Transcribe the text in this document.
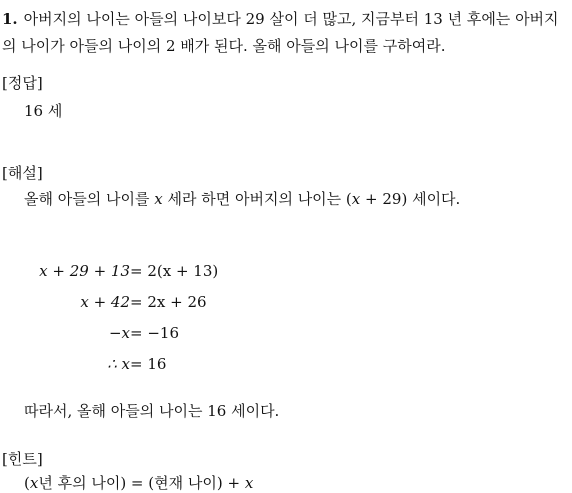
1. 아버지의 나이는 아들의 나이보다 29 살이 더 많고, 지금부터 13 년 후에는 아버지의 나이가 아들의 나이의 2 배가 된다. 올해 아들의 나이를 구하여라.
[정답]
16 세
[해설]
올해 아들의 나이를 x 세라 하면 아버지의 나이는 (x + 29) 세이다.
x + 29 + 13 = 2(x + 13)
x + 42 = 2x + 26
−x = −16
∴ x = 16
따라서, 올해 아들의 나이는 16 세이다.
[힌트]
(x년 후의 나이) = (현재 나이) + x
